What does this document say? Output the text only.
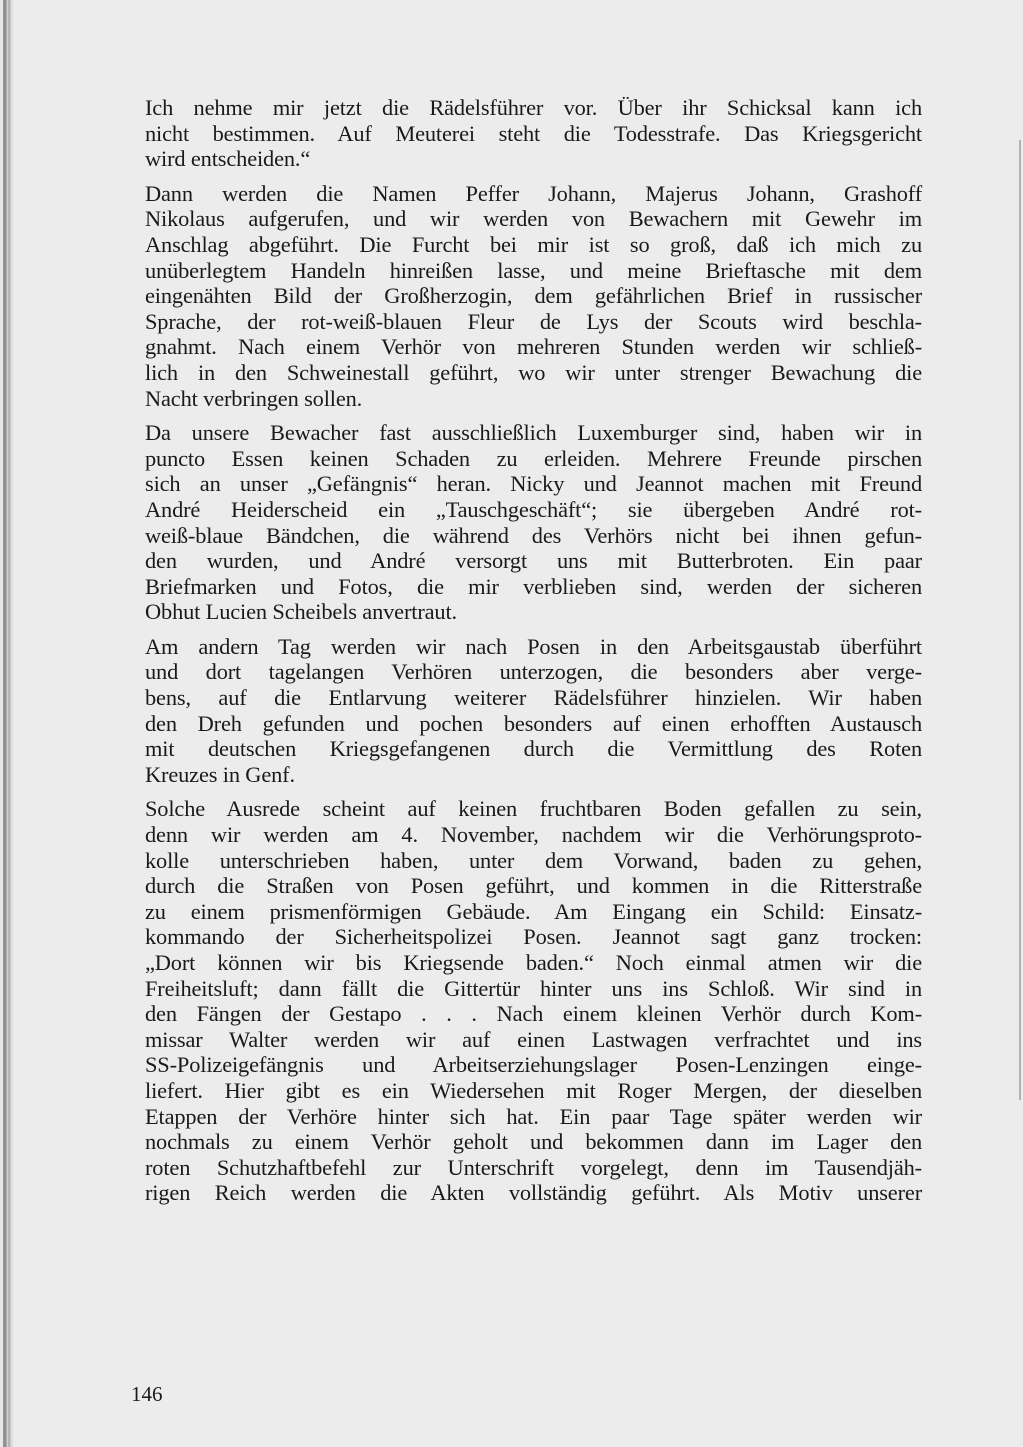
Ich nehme mir jetzt die Rädelsführer vor. Über ihr Schicksal kann ich
nicht bestimmen. Auf Meuterei steht die Todesstrafe. Das Kriegsgericht
wird entscheiden.“
Dann werden die Namen Peffer Johann, Majerus Johann, Grashoff
Nikolaus aufgerufen, und wir werden von Bewachern mit Gewehr im
Anschlag abgeführt. Die Furcht bei mir ist so groß, daß ich mich zu
unüberlegtem Handeln hinreißen lasse, und meine Brieftasche mit dem
eingenähten Bild der Großherzogin, dem gefährlichen Brief in russischer
Sprache, der rot-weiß-blauen Fleur de Lys der Scouts wird beschla-
gnahmt. Nach einem Verhör von mehreren Stunden werden wir schließ-
lich in den Schweinestall geführt, wo wir unter strenger Bewachung die
Nacht verbringen sollen.
Da unsere Bewacher fast ausschließlich Luxemburger sind, haben wir in
puncto Essen keinen Schaden zu erleiden. Mehrere Freunde pirschen
sich an unser „Gefängnis“ heran. Nicky und Jeannot machen mit Freund
André Heiderscheid ein „Tauschgeschäft“; sie übergeben André rot-
weiß-blaue Bändchen, die während des Verhörs nicht bei ihnen gefun-
den wurden, und André versorgt uns mit Butterbroten. Ein paar
Briefmarken und Fotos, die mir verblieben sind, werden der sicheren
Obhut Lucien Scheibels anvertraut.
Am andern Tag werden wir nach Posen in den Arbeitsgaustab überführt
und dort tagelangen Verhören unterzogen, die besonders aber verge-
bens, auf die Entlarvung weiterer Rädelsführer hinzielen. Wir haben
den Dreh gefunden und pochen besonders auf einen erhofften Austausch
mit deutschen Kriegsgefangenen durch die Vermittlung des Roten
Kreuzes in Genf.
Solche Ausrede scheint auf keinen fruchtbaren Boden gefallen zu sein,
denn wir werden am 4. November, nachdem wir die Verhörungsproto-
kolle unterschrieben haben, unter dem Vorwand, baden zu gehen,
durch die Straßen von Posen geführt, und kommen in die Ritterstraße
zu einem prismenförmigen Gebäude. Am Eingang ein Schild: Einsatz-
kommando der Sicherheitspolizei Posen. Jeannot sagt ganz trocken:
„Dort können wir bis Kriegsende baden.“ Noch einmal atmen wir die
Freiheitsluft; dann fällt die Gittertür hinter uns ins Schloß. Wir sind in
den Fängen der Gestapo . . . Nach einem kleinen Verhör durch Kom-
missar Walter werden wir auf einen Lastwagen verfrachtet und ins
SS-Polizeigefängnis und Arbeitserziehungslager Posen-Lenzingen einge-
liefert. Hier gibt es ein Wiedersehen mit Roger Mergen, der dieselben
Etappen der Verhöre hinter sich hat. Ein paar Tage später werden wir
nochmals zu einem Verhör geholt und bekommen dann im Lager den
roten Schutzhaftbefehl zur Unterschrift vorgelegt, denn im Tausendjäh-
rigen Reich werden die Akten vollständig geführt. Als Motiv unserer
146
